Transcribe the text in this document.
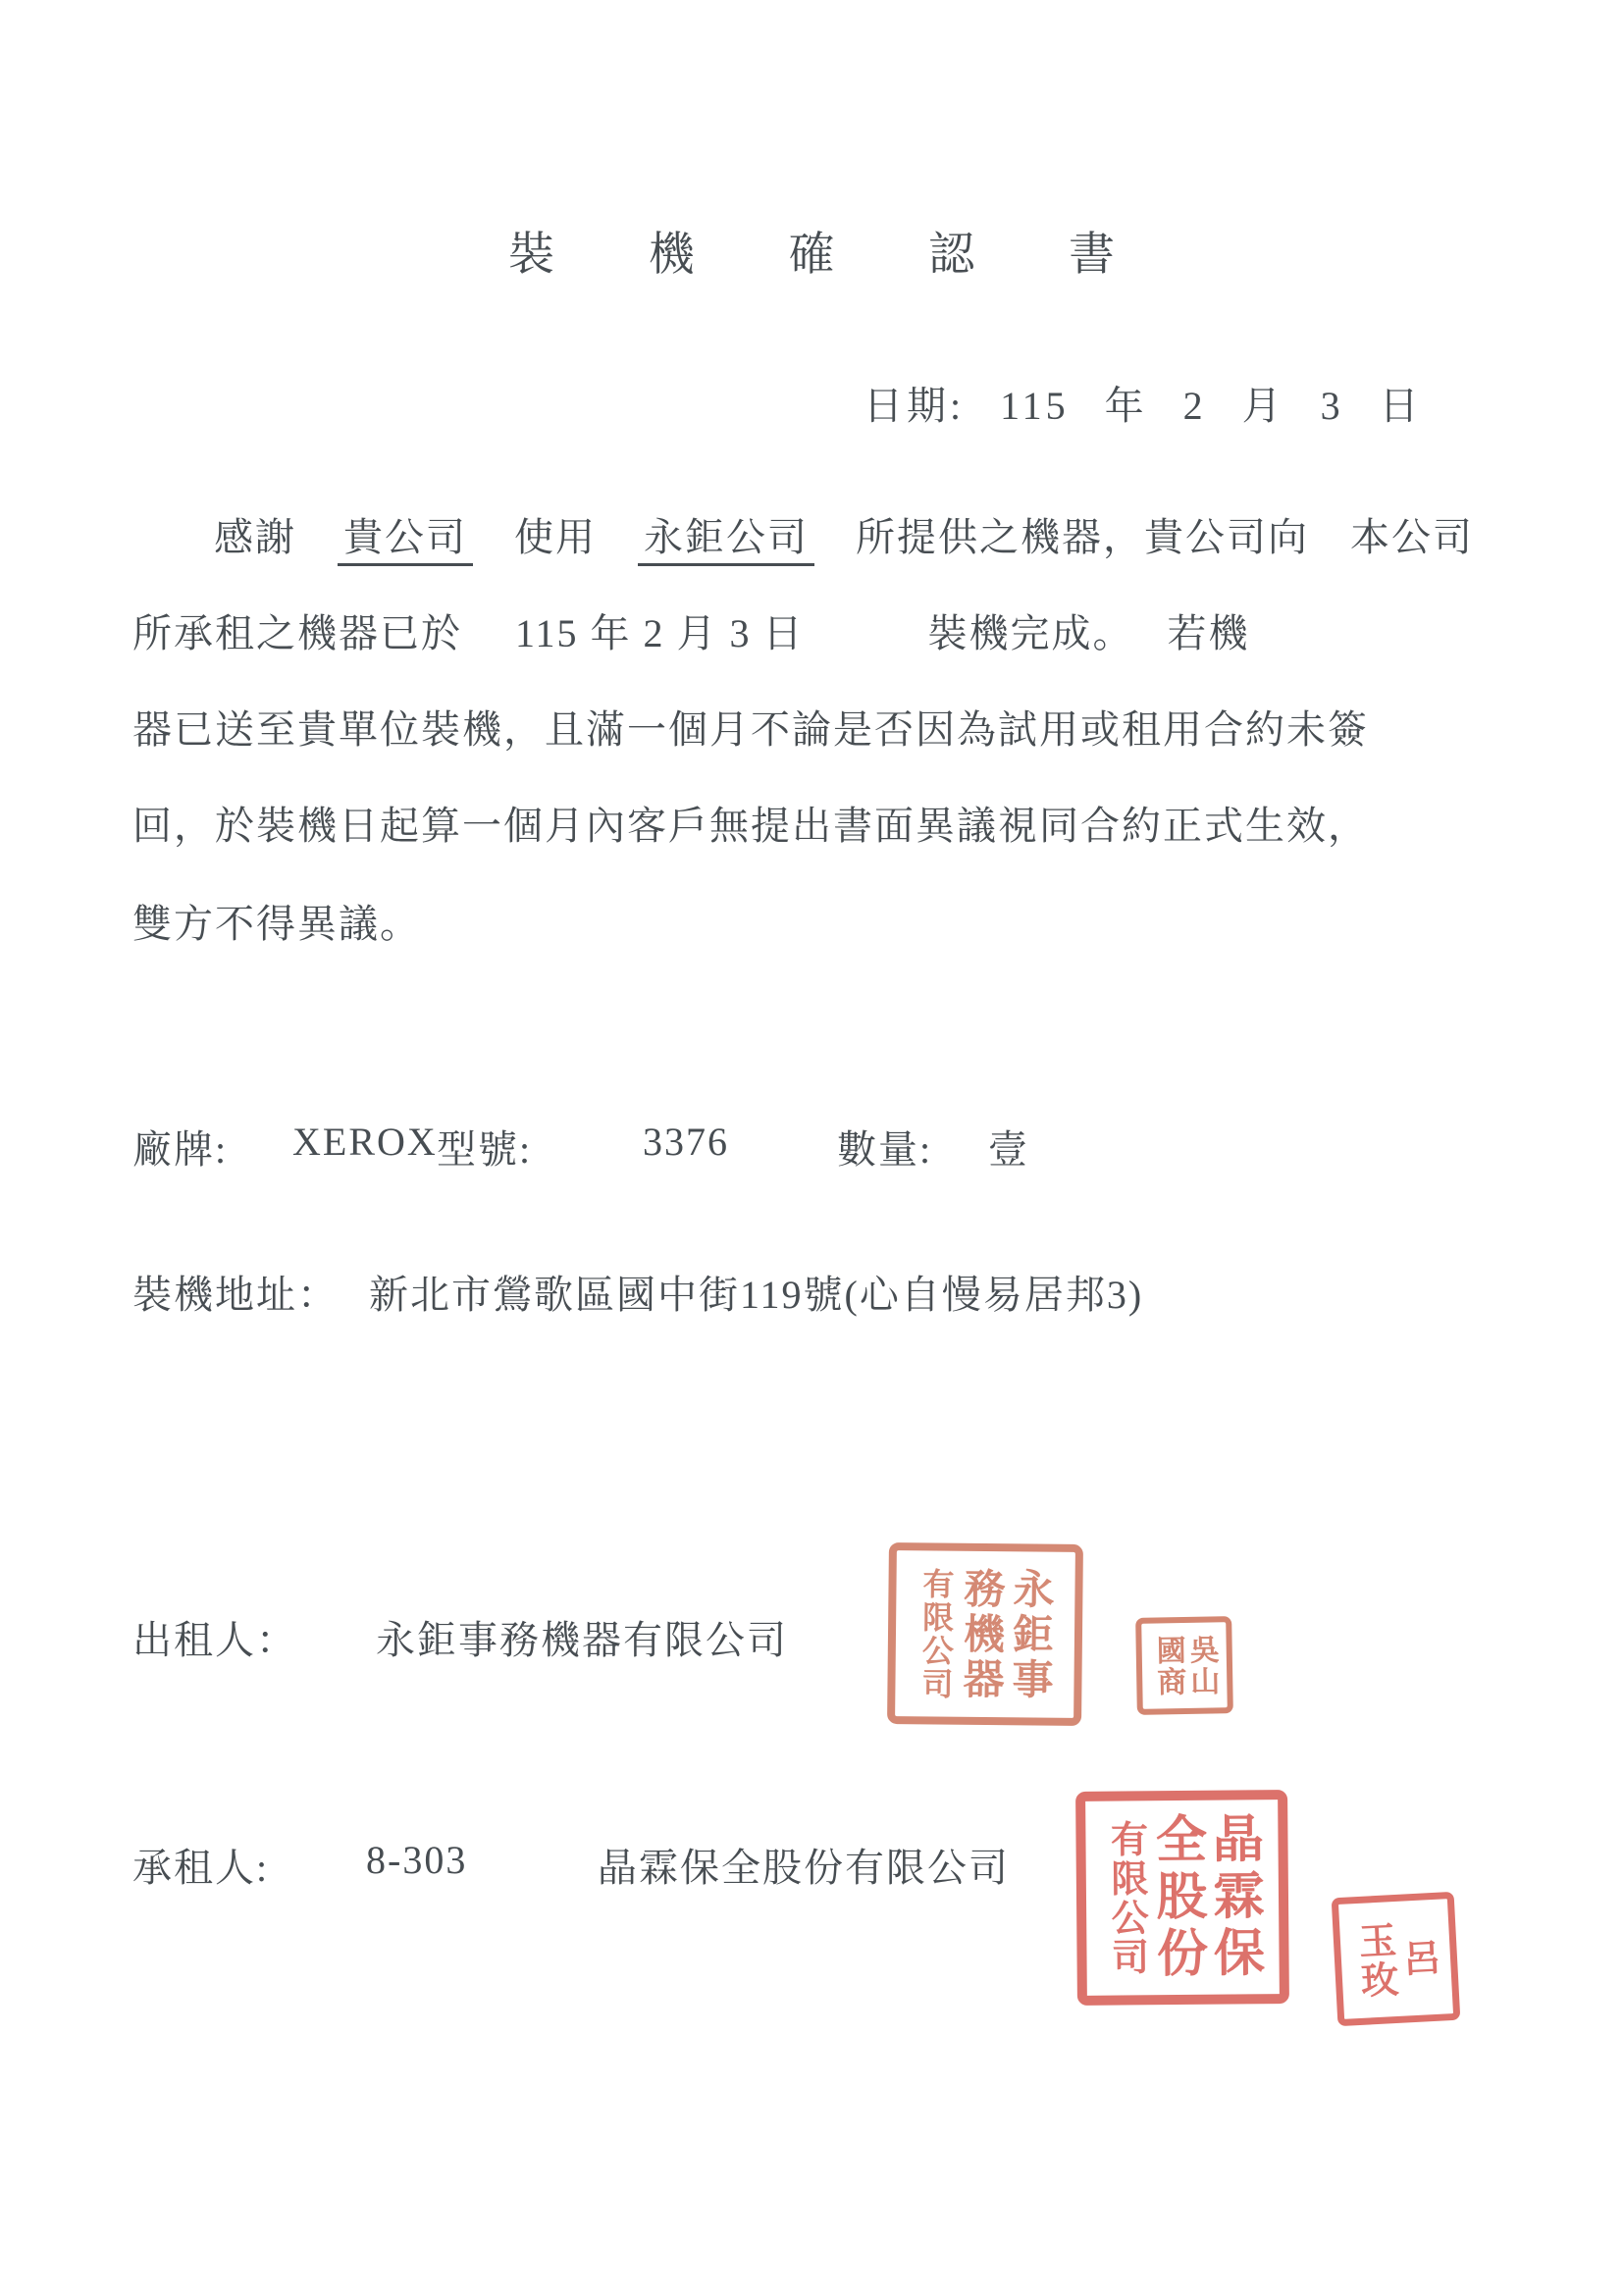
裝 機 確 認 書
日期: 115 年 2 月 3 日
感謝 貴公司 使用 永鉅公司 所提供之機器，貴公司向　本公司
所承租之機器已於　 115 年 2 月 3 日　　　裝機完成。　 若機
器已送至貴單位裝機，且滿一個月不論是否因為試用或租用合約未簽
回，於裝機日起算一個月內客戶無提出書面異議視同合約正式生效，
雙方不得異議。
廠牌: XEROX 型號:	3376	數量: 壹
裝機地址： 新北市鶯歌區國中街119號(心自慢易居邦3)
出租人： 永鉅事務機器有限公司
承租人: 8-303	晶霖保全股份有限公司
永鉅事
務機器
有限公司	吳山
國商
晶霖保
全股份
有限公司	呂
玉玫
